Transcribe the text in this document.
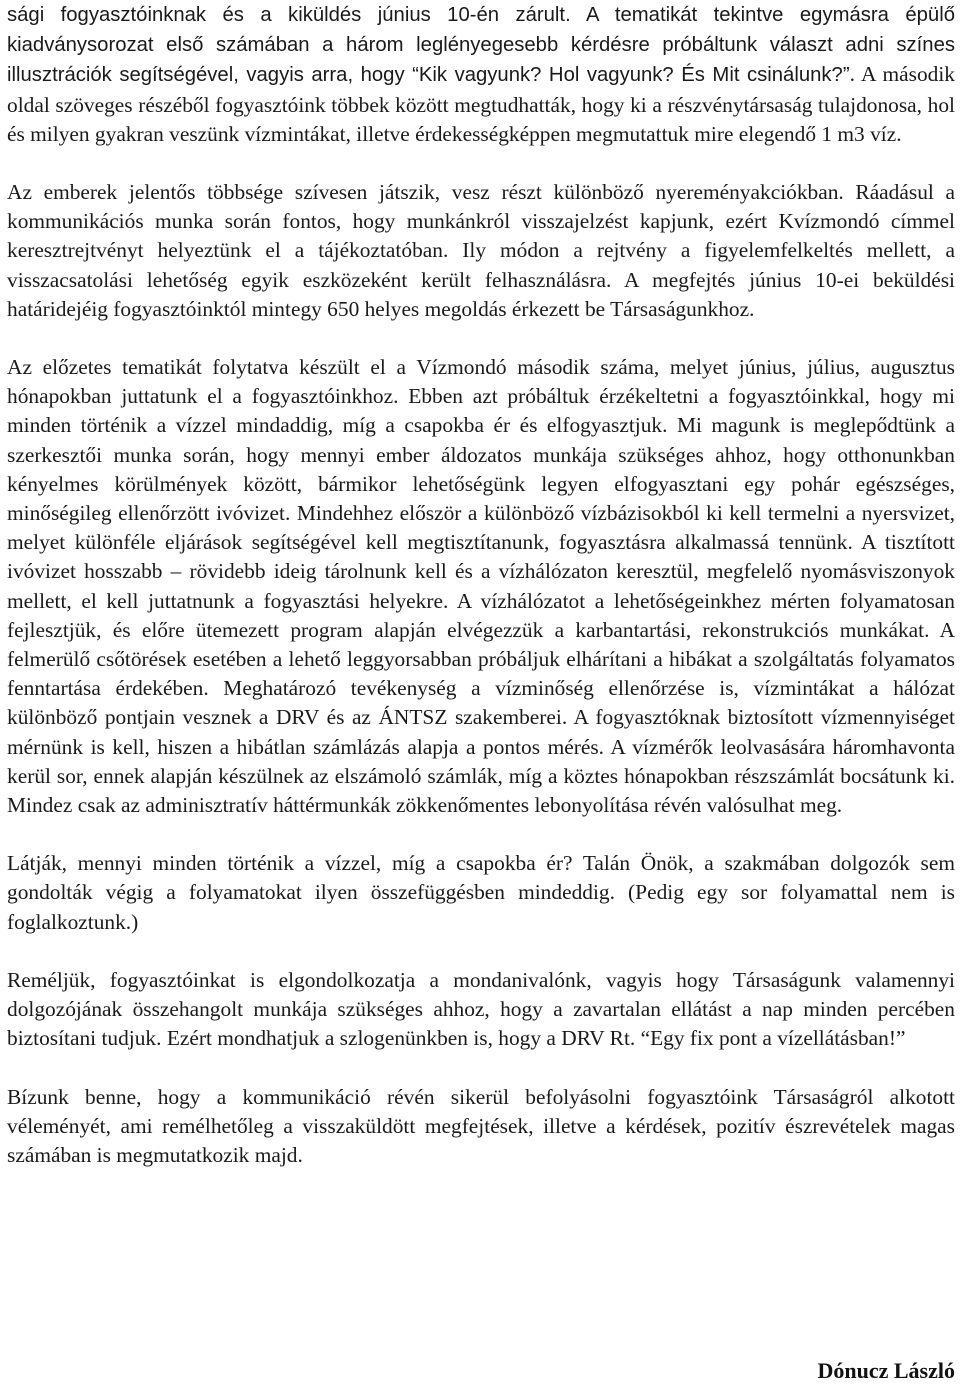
sági fogyasztóinknak és a kiküldés június 10-én zárult. A tematikát tekintve egymásra épülő kiadványsorozat első számában a három leglényegesebb kérdésre próbáltunk választ adni színes illusztrációk segítségével, vagyis arra, hogy “Kik vagyunk? Hol vagyunk? És Mit csinálunk?”. A második oldal szöveges részéből fogyasztóink többek között megtudhatták, hogy ki a részvénytársaság tulajdonosa, hol és milyen gyakran veszünk vízmintákat, illetve érdekességképpen megmutattuk mire elegendő 1 m3 víz.

Az emberek jelentős többsége szívesen játszik, vesz részt különböző nyereményakciókban. Ráadásul a kommunikációs munka során fontos, hogy munkánkról visszajelzést kapjunk, ezért Kvízmondó címmel keresztrejtvényt helyeztünk el a tájékoztatóban. Ily módon a rejtvény a figyelemfelkeltés mellett, a visszacsatolási lehetőség egyik eszközeként került felhasználásra. A megfejtés június 10-ei beküldési határidejéig fogyasztóinktól mintegy 650 helyes megoldás érkezett be Társaságunkhoz.

Az előzetes tematikát folytatva készült el a Vízmondó második száma, melyet június, július, augusztus hónapokban juttatunk el a fogyasztóinkhoz. Ebben azt próbáltuk érzékeltetni a fogyasztóinkkal, hogy mi minden történik a vízzel mindaddig, míg a csapokba ér és elfogyasztjuk. Mi magunk is meglepődtünk a szerkesztői munka során, hogy mennyi ember áldozatos munkája szükséges ahhoz, hogy otthonunkban kényelmes körülmények között, bármikor lehetőségünk legyen elfogyasztani egy pohár egészséges, minőségileg ellenőrzött ivóvizet. Mindehhez először a különböző vízbázisokból ki kell termelni a nyersvizet, melyet különféle eljárások segítségével kell megtisztítanunk, fogyasztásra alkalmassá tennünk. A tisztított ivóvizet hosszabb – rövidebb ideig tárolnunk kell és a vízhálózaton keresztül, megfelelő nyomásviszonyok mellett, el kell juttatnunk a fogyasztási helyekre. A vízhálózatot a lehetőségeinkhez mérten folyamatosan fejlesztjük, és előre ütemezett program alapján elvégezzük a karbantartási, rekonstrukciós munkákat. A felmerülő csőtörések esetében a lehető leggyorsabban próbáljuk elhárítani a hibákat a szolgáltatás folyamatos fenntartása érdekében. Meghatározó tevékenység a vízminőség ellenőrzése is, vízmintákat a hálózat különböző pontjain vesznek a DRV és az ÁNTSZ szakemberei. A fogyasztóknak biztosított vízmennyiséget mérnünk is kell, hiszen a hibátlan számlázás alapja a pontos mérés. A vízmérők leolvasására háromhavonta kerül sor, ennek alapján készülnek az elszámoló számlák, míg a köztes hónapokban részszámlát bocsátunk ki. Mindez csak az adminisztratív háttérmunkák zökkenőmentes lebonyolítása révén valósulhat meg.

Látják, mennyi minden történik a vízzel, míg a csapokba ér? Talán Önök, a szakmában dolgozók sem gondolták végig a folyamatokat ilyen összefüggésben mindeddig. (Pedig egy sor folyamattal nem is foglalkoztunk.)

Reméljük, fogyasztóinkat is elgondolkozatja a mondanivalónk, vagyis hogy Társaságunk valamennyi dolgozójának összehangolt munkája szükséges ahhoz, hogy a zavartalan ellátást a nap minden percében biztosítani tudjuk. Ezért mondhatjuk a szlogenünkben is, hogy a DRV Rt. “Egy fix pont a vízellátásban!”

Bízunk benne, hogy a kommunikáció révén sikerül befolyásolni fogyasztóink Társaságról alkotott véleményét, ami remélhetőleg a visszaküldött megfejtések, illetve a kérdések, pozitív észrevételek magas számában is megmutatkozik majd.

Dónucz László
